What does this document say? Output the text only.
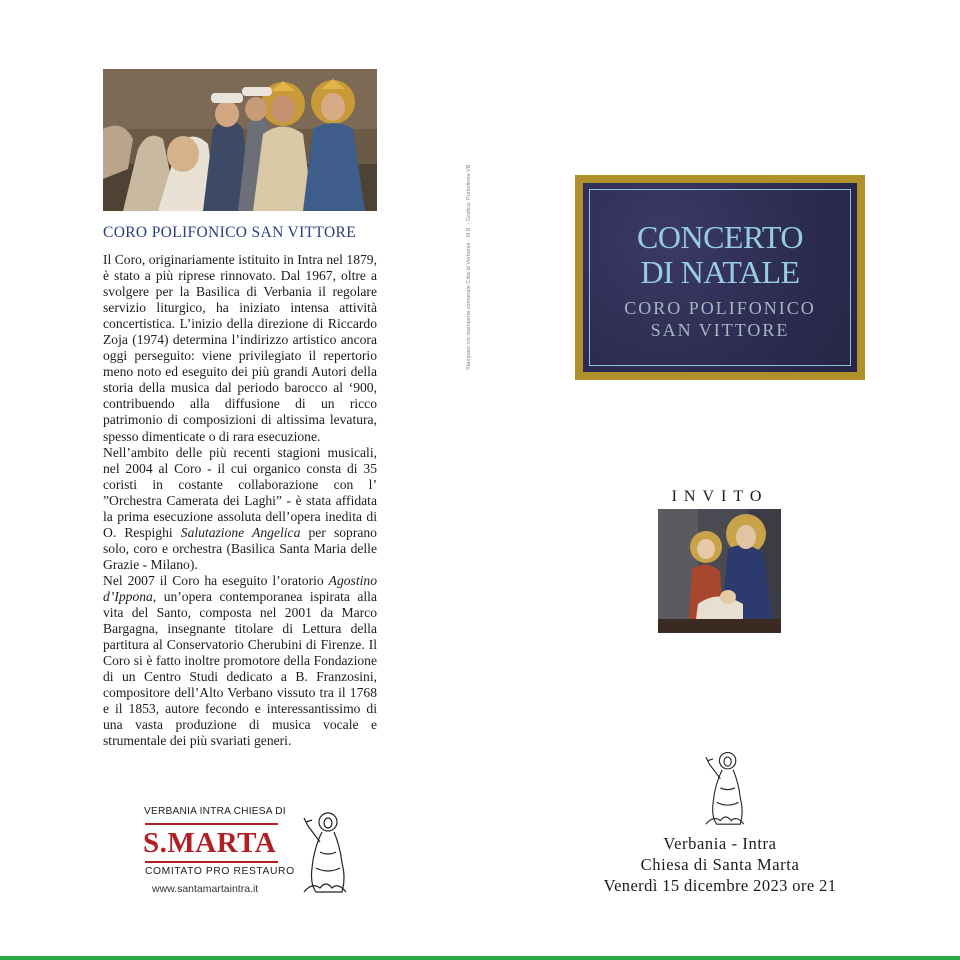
CORO POLIFONICO SAN VITTORE

Il Coro, originariamente istituito in Intra nel 1879, è stato a più riprese rinnovato. Dal 1967, oltre a svolgere per la Basilica di Verbania il regolare servizio liturgico, ha iniziato intensa attività concertistica. L’inizio della direzione di Riccardo Zoja (1974) determina l’indirizzo artistico ancora oggi perseguito: viene privilegiato il repertorio meno noto ed eseguito dei più grandi Autori della storia della musica dal periodo barocco al ‘900, contribuendo alla diffusione di un ricco patrimonio di composizioni di altissima levatura, spesso dimenticate o di rara esecuzione.

Nell’ambito delle più recenti stagioni musicali, nel 2004 al Coro - il cui organico consta di 35 coristi in costante collaborazione con l’ ”Orchestra Camerata dei Laghi” - è stata affidata la prima esecuzione assoluta dell’opera inedita di O. Respighi Salutazione Angelica per soprano solo, coro e orchestra (Basilica Santa Maria delle Grazie - Milano).

Nel 2007 il Coro ha eseguito l’oratorio Agostino d’Ippona, un’opera contemporanea ispirata alla vita del Santo, composta nel 2001 da Marco Bargagna, insegnante titolare di Lettura della partitura al Conservatorio Cherubini di Firenze. Il Coro si è fatto inoltre promotore della Fondazione di un Centro Studi dedicato a B. Franzosini, compositore dell’Alto Verbano vissuto tra il 1768 e il 1853, autore fecondo e interessantissimo di una vasta produzione di musica vocale e strumentale dei più svariati generi.

VERBANIA INTRA CHIESA DI
S.MARTA
COMITATO PRO RESTAURO
www.santamartaintra.it
Stampato c/o stamperia comunale Città di Verbania - M.B. - Grafica: Puntolinea VB	CONCERTO
DI NATALE
CORO POLIFONICO
SAN VITTORE
INVITO
Verbania - Intra
Chiesa di Santa Marta
Venerdì 15 dicembre 2023 ore 21
